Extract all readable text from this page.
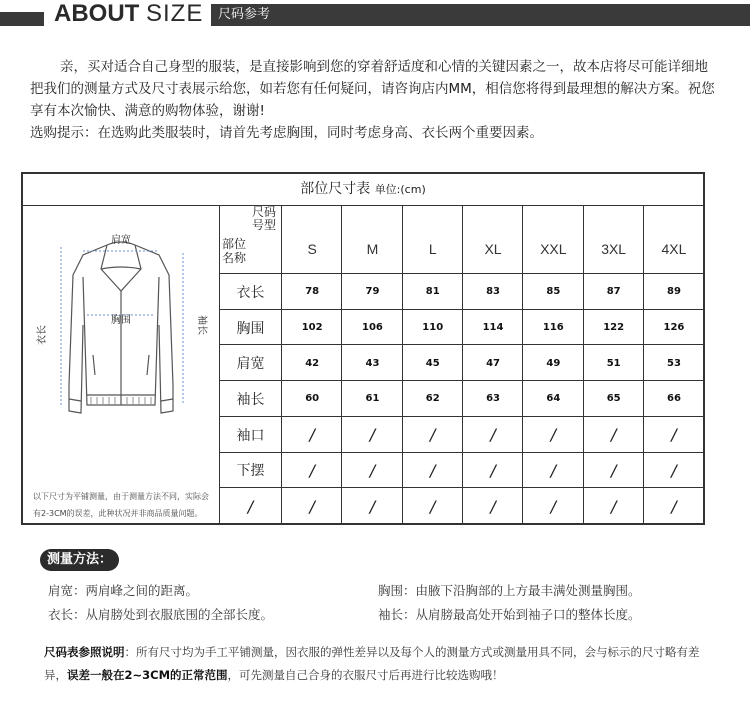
ABOUT SIZE	尺码参考

亲，买对适合自己身型的服装，是直接影响到您的穿着舒适度和心情的关键因素之一，故本店将尽可能详细地把我们的测量方式及尺寸表展示给您，如若您有任何疑问，请咨询店内MM，相信您将得到最理想的解决方案。祝您享有本次愉快、满意的购物体验，谢谢!

选购提示：在选购此类服装时，请首先考虑胸围，同时考虑身高、衣长两个重要因素。

部位尺寸表 单位:(cm)
肩宽
胸围
衣长	袖长
以下尺寸为平铺测量，由于测量方法不同，实际会
有2-3CM的误差，此种状况并非商品质量问题。
尺码
号型
部位
名称
S	M	L	XL	XXL 3XL	4XL
衣长	78	79	81	83	85	87	89
胸围	102	106	110	114	116	122	126
肩宽	42	43	45	47	49	51	53
袖长	60	61	62	63	64	65	66
袖口	/	/	/	/	/	/	/
下摆	/	/	/	/	/	/	/
/	/	/	/	/	/	/	/
测量方法：
肩宽：两肩峰之间的距离。	胸围：由腋下沿胸部的上方最丰满处测量胸围。
衣长：从肩膀处到衣服底围的全部长度。	袖长：从肩膀最高处开始到袖子口的整体长度。
尺码表参照说明：所有尺寸均为手工平铺测量，因衣服的弹性差异以及每个人的测量方式或测量用具不同，会与标示的尺寸略有差异，误差一般在2~3CM的正常范围，可先测量自己合身的衣服尺寸后再进行比较选购哦！
